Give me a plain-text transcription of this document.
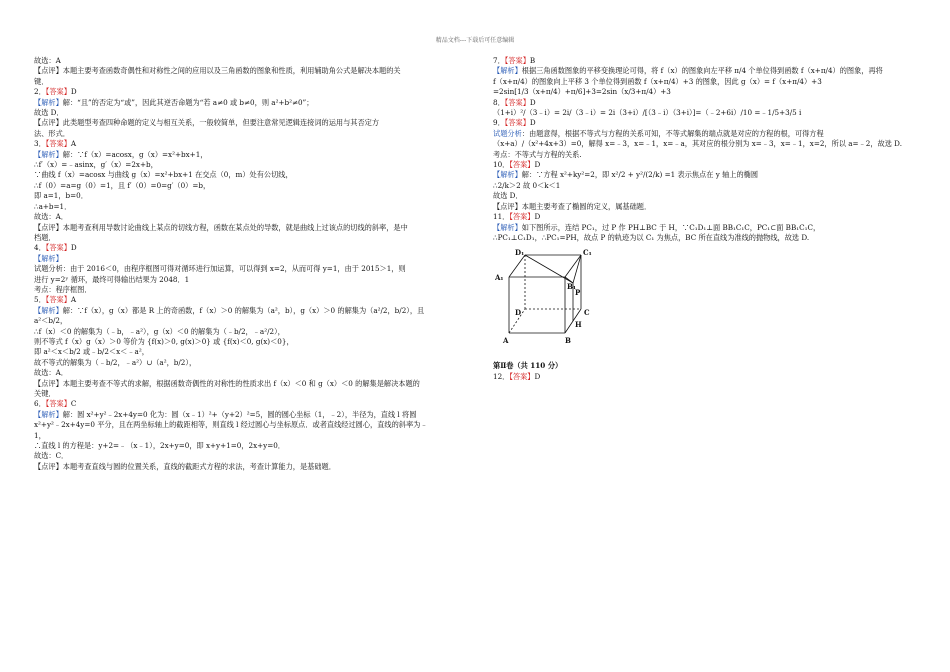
精品文档---下载后可任意编辑
故选：A
【点评】本题主要考查函数奇偶性和对称性之间的应用以及三角函数的图象和性质，利用辅助角公式是解决本题的关
键．
2．【答案】D
【解析】解：“且”的否定为“或”，因此其逆否命题为“若 a≠0 或 b≠0，则 a²+b²≠0”；
故选 D．
【点评】此类题型考查四种命题的定义与相互关系，一般较简单，但要注意常见逻辑连接词的运用与其否定方
法、形式．
3．【答案】A
【解析】解：∵f（x）=acosx，g（x）=x²+bx+1，
∴f′（x）=﹣asinx，g′（x）=2x+b，
∵曲线 f（x）=acosx 与曲线 g（x）=x²+bx+1 在交点（0，m）处有公切线，
∴f（0）=a=g（0）=1，且 f′（0）=0=g′（0）=b，
即 a=1，b=0．
∴a+b=1．
故选：A．
【点评】本题考查利用导数讨论曲线上某点的切线方程，函数在某点处的导数，就是曲线上过该点的切线的斜率，是中
档题．
4．【答案】D
【解析】
试题分析：由于 2016＜0，由程序框图可得对循环进行加运算，可以得到 x=2，从而可得 y=1，由于 2015＞1，则
进行 y=2ʸ 循环，最终可得输出结果为 2048．1
考点：程序框图．
5．【答案】A
【解析】解：∵f（x），g（x）都是 R 上的奇函数，f（x）＞0 的解集为（a²，b），g（x）＞0 的解集为（a²/2，b/2），且
a²＜b/2，
∴f（x）＜0 的解集为（﹣b，﹣a²），g（x）＜0 的解集为（﹣b/2，﹣a²/2），
则不等式 f（x）g（x）＞0 等价为 {f(x)＞0, g(x)＞0} 或 {f(x)＜0, g(x)＜0}，
即 a²＜x＜b/2 或﹣b/2＜x＜﹣a²，
故不等式的解集为（﹣b/2，﹣a²）∪（a²，b/2），
故选：A．
【点评】本题主要考查不等式的求解，根据函数奇偶性的对称性的性质求出 f（x）＜0 和 g（x）＜0 的解集是解决本题的
关键．
6．【答案】C
【解析】解：圆 x²+y²﹣2x+4y=0 化为：圆（x﹣1）²+（y+2）²=5，圆的圆心坐标（1，﹣2），半径为，直线 l 将圆
x²+y²﹣2x+4y=0 平分，且在两坐标轴上的截距相等，则直线 l 经过圆心与坐标原点．或者直线经过圆心，直线的斜率为﹣
1，
∴直线 l 的方程是：y+2=﹣（x﹣1），2x+y=0，即 x+y+1=0，2x+y=0．
故选：C．
【点评】本题考查直线与圆的位置关系，直线的截距式方程的求法，考查计算能力，是基础题．
7．【答案】B
【解析】根据三角函数图象的平移变换理论可得，将 f（x）的图象向左平移 π/4 个单位得到函数 f（x+π/4）的图象，再将
f（x+π/4）的图象向上平移 3 个单位得到函数 f（x+π/4）+3 的图象，因此 g（x）= f（x+π/4）+3
=2sin[1/3（x+π/4）+π/6]+3=2sin（x/3+π/4）+3
8．【答案】D
（1+i）²/（3﹣i）= 2i/（3﹣i）= 2i（3+i）/[（3﹣i）（3+i）]=（﹣2+6i）/10 =﹣1/5+3/5 i
9．【答案】D
试题分析：由题意得，根据不等式与方程的关系可知，不等式解集的端点就是对应的方程的根，可得方程
（x+a）/（x²+4x+3）=0，解得 x=﹣3，x=﹣1，x=﹣a，其对应的根分别为 x=﹣3，x=﹣1，x=2，所以 a=﹣2，故选 D.
考点：不等式与方程的关系.
10．【答案】D
【解析】解：∵方程 x²+ky²=2，即 x²/2 + y²/(2/k) =1 表示焦点在 y 轴上的椭圆
∴2/k＞2 故 0＜k＜1
故选 D．
【点评】本题主要考查了椭圆的定义，属基础题．
11．【答案】D
【解析】如下图所示，连结 PC₁，过 P 作 PH⊥BC 于 H，∵C₁D₁⊥面 BB₁C₁C，PC₁⊂面 BB₁C₁C，
∴PC₁⊥C₁D₁，∴PC₁=PH，故点 P 的轨迹为以 C₁ 为焦点，BC 所在直线为准线的抛物线，故选 D.
D₁	C₁
B₁
A₁
P
D	C
H
A	B
第Ⅱ卷（共 110 分）
12．【答案】D
